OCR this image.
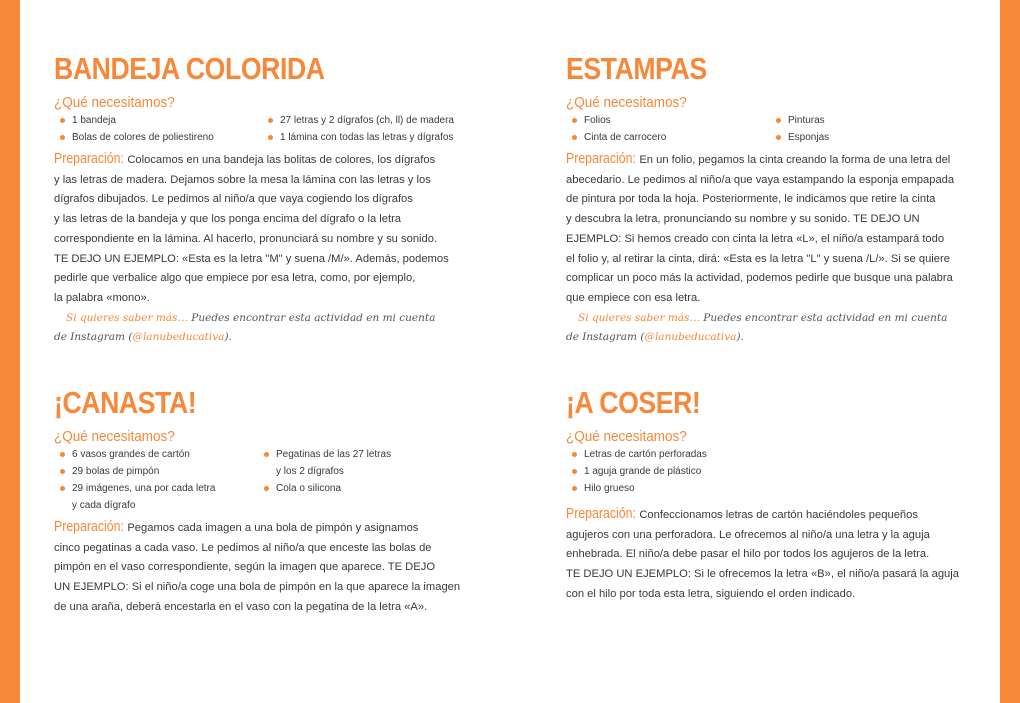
BANDEJA COLORIDA
¿Qué necesitamos?
1 bandeja
Bolas de colores de poliestireno
27 letras y 2 dígrafos (ch, ll) de madera
1 lámina con todas las letras y dígrafos
Preparación: Colocamos en una bandeja las bolitas de colores, los dígrafos
y las letras de madera. Dejamos sobre la mesa la lámina con las letras y los
dígrafos dibujados. Le pedimos al niño/a que vaya cogiendo los dígrafos
y las letras de la bandeja y que los ponga encima del dígrafo o la letra
correspondiente en la lámina. Al hacerlo, pronunciará su nombre y su sonido.
TE DEJO UN EJEMPLO: «Esta es la letra "M" y suena /M/». Además, podemos
pedirle que verbalice algo que empiece por esa letra, como, por ejemplo,
la palabra «mono».
Si quieres saber más… Puedes encontrar esta actividad en mi cuenta
de Instagram (@lanubeducativa).
ESTAMPAS
¿Qué necesitamos?
Folios
Cinta de carrocero
Pinturas
Esponjas
Preparación: En un folio, pegamos la cinta creando la forma de una letra del
abecedario. Le pedimos al niño/a que vaya estampando la esponja empapada
de pintura por toda la hoja. Posteriormente, le indicamos que retire la cinta
y descubra la letra, pronunciando su nombre y su sonido. TE DEJO UN
EJEMPLO: Si hemos creado con cinta la letra «L», el niño/a estampará todo
el folio y, al retirar la cinta, dirá: «Esta es la letra "L" y suena /L/». Si se quiere
complicar un poco más la actividad, podemos pedirle que busque una palabra
que empiece con esa letra.
Si quieres saber más… Puedes encontrar esta actividad en mi cuenta
de Instagram (@lanubeducativa).
¡CANASTA!
¿Qué necesitamos?
6 vasos grandes de cartón
29 bolas de pimpón
29 imágenes, una por cada letra
y cada dígrafo
Pegatinas de las 27 letras
y los 2 dígrafos
Cola o silicona
Preparación: Pegamos cada imagen a una bola de pimpón y asignamos
cinco pegatinas a cada vaso. Le pedimos al niño/a que enceste las bolas de
pimpón en el vaso correspondiente, según la imagen que aparece. TE DEJO
UN EJEMPLO: Si el niño/a coge una bola de pimpón en la que aparece la imagen
de una araña, deberá encestarla en el vaso con la pegatina de la letra «A».
¡A COSER!
¿Qué necesitamos?
Letras de cartón perforadas
1 aguja grande de plástico
Hilo grueso
Preparación: Confeccionamos letras de cartón haciéndoles pequeños
agujeros con una perforadora. Le ofrecemos al niño/a una letra y la aguja
enhebrada. El niño/a debe pasar el hilo por todos los agujeros de la letra.
TE DEJO UN EJEMPLO: Si le ofrecemos la letra «B», el niño/a pasará la aguja
con el hilo por toda esta letra, siguiendo el orden indicado.
